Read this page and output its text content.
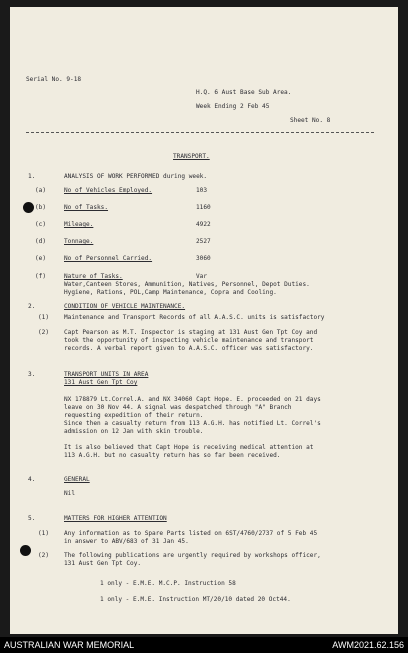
Serial No. 9-18
H.Q. 6 Aust Base Sub Area.
Week Ending 2 Feb 45
Sheet No. 8
TRANSPORT.
1.	ANALYSIS OF WORK PERFORMED during week.
(a)	No of Vehicles Employed.	103
(b)	No of Tasks.	1160
(c)	Mileage.	4922
(d)	Tonnage.	2527
(e)	No of Personnel Carried.	3060
(f)	Nature of Tasks.	Var
Water,Canteen Stores, Ammunition, Natives, Personnel, Depot Duties.
Hygiene, Rations, POL,Camp Maintenance, Copra and Cooling.
2.	CONDITION OF VEHICLE MAINTENANCE.
(1) Maintenance and Transport Records of all A.A.S.C. units is satisfactory
(2) Capt Pearson as M.T. Inspector is staging at 131 Aust Gen Tpt Coy and
took the opportunity of inspecting vehicle maintenance and transport
records. A verbal report given to A.A.S.C. officer was satisfactory.
3.	TRANSPORT UNITS IN AREA
131 Aust Gen Tpt Coy
NX 178879 Lt.Correl.A. and NX 34060 Capt Hope. E. proceeded on 21 days
leave on 30 Nov 44. A signal was despatched through "A" Branch
requesting expedition of their return.
Since then a casualty return from 113 A.G.H. has notified Lt. Correl's
admission on 12 Jan with skin trouble.
It is also believed that Capt Hope is receiving medical attention at
113 A.G.H. but no casualty return has so far been received.
4.	GENERAL
Nil
5.	MATTERS FOR HIGHER ATTENTION
(1) Any information as to Spare Parts listed on 6ST/4760/2737 of 5 Feb 45
in answer to ABV/683 of 31 Jan 45.
(2) The following publications are urgently required by workshops officer,
131 Aust Gen Tpt Coy.
1 only - E.M.E. M.C.P. Instruction 58
1 only - E.M.E. Instruction MT/20/10 dated 20 Oct44.
AUSTRALIAN WAR MEMORIAL	AWM2021.62.156
